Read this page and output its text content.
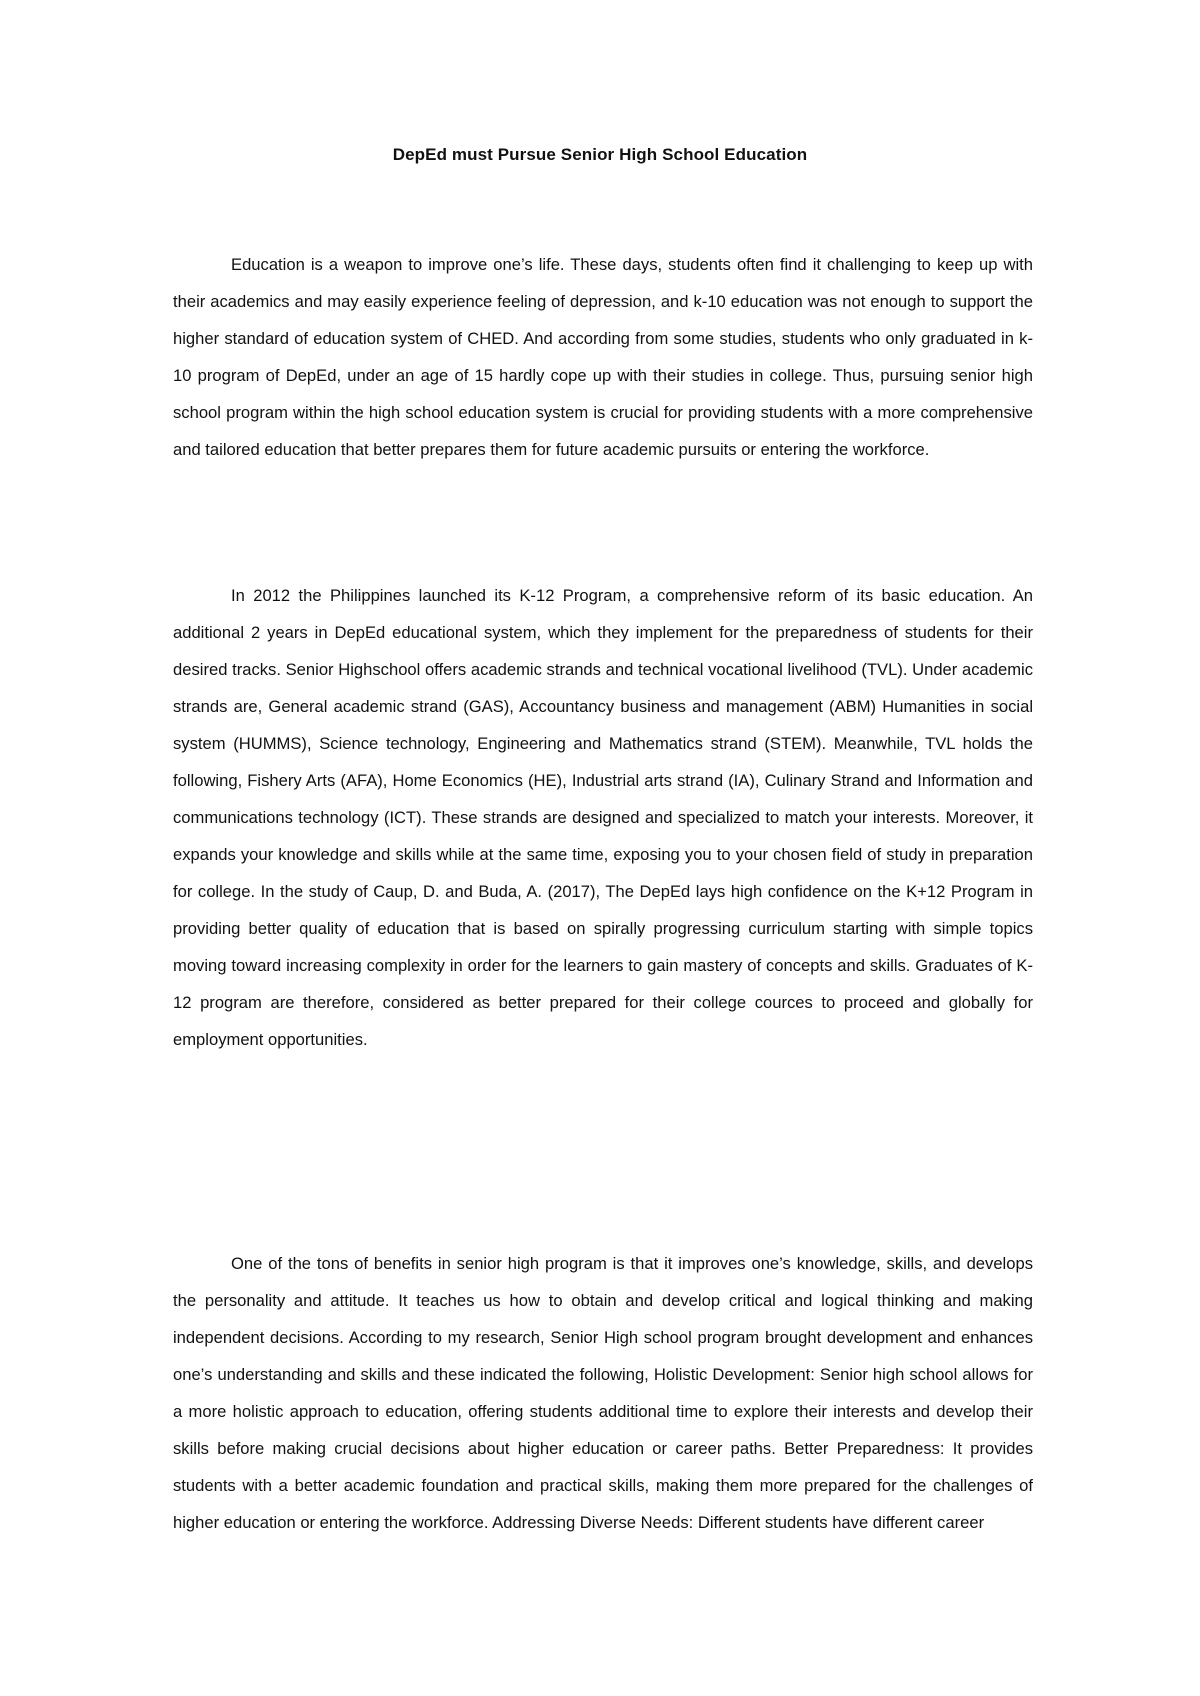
DepEd must Pursue Senior High School Education

Education is a weapon to improve one’s life. These days, students often find it challenging to keep up with their academics and may easily experience feeling of depression, and k-10 education was not enough to support the higher standard of education system of CHED. And according from some studies, students who only graduated in k-10 program of DepEd, under an age of 15 hardly cope up with their studies in college. Thus, pursuing senior high school program within the high school education system is crucial for providing students with a more comprehensive and tailored education that better prepares them for future academic pursuits or entering the workforce.

In 2012 the Philippines launched its K-12 Program, a comprehensive reform of its basic education. An additional 2 years in DepEd educational system, which they implement for the preparedness of students for their desired tracks. Senior Highschool offers academic strands and technical vocational livelihood (TVL). Under academic strands are, General academic strand (GAS), Accountancy business and management (ABM) Humanities in social system (HUMMS), Science technology, Engineering and Mathematics strand (STEM). Meanwhile, TVL holds the following, Fishery Arts (AFA), Home Economics (HE), Industrial arts strand (IA), Culinary Strand and Information and communications technology (ICT). These strands are designed and specialized to match your interests. Moreover, it expands your knowledge and skills while at the same time, exposing you to your chosen field of study in preparation for college. In the study of Caup, D. and Buda, A. (2017), The DepEd lays high confidence on the K+12 Program in providing better quality of education that is based on spirally progressing curriculum starting with simple topics moving toward increasing complexity in order for the learners to gain mastery of concepts and skills. Graduates of K-12 program are therefore, considered as better prepared for their college cources to proceed and globally for employment opportunities.

One of the tons of benefits in senior high program is that it improves one’s knowledge, skills, and develops the personality and attitude. It teaches us how to obtain and develop critical and logical thinking and making independent decisions. According to my research, Senior High school program brought development and enhances one’s understanding and skills and these indicated the following, Holistic Development: Senior high school allows for a more holistic approach to education, offering students additional time to explore their interests and develop their skills before making crucial decisions about higher education or career paths. Better Preparedness: It provides students with a better academic foundation and practical skills, making them more prepared for the challenges of higher education or entering the workforce. Addressing Diverse Needs: Different students have different career
